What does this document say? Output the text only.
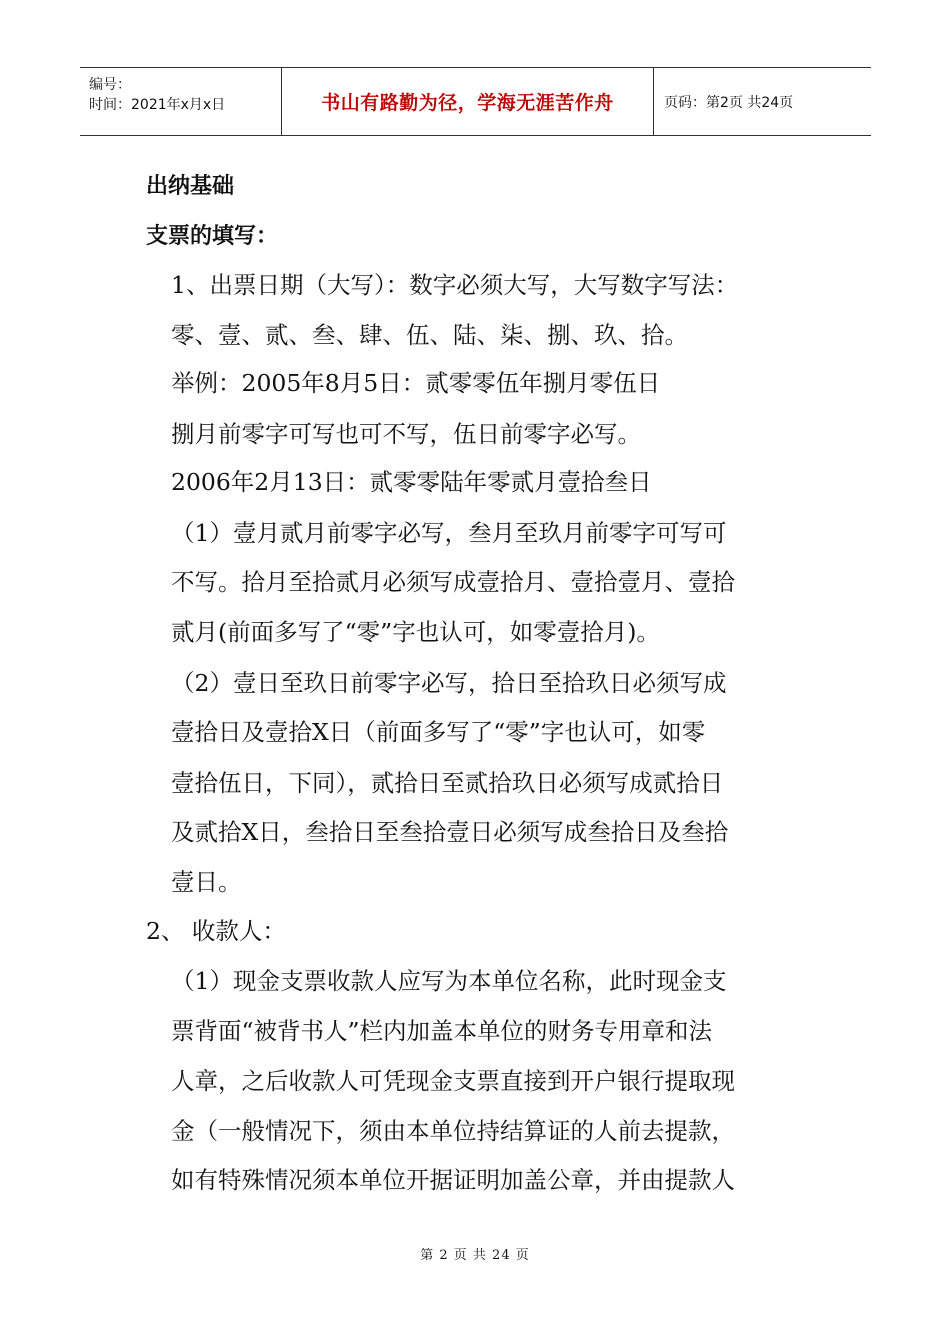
编号：
时间：2021年x月x日	书山有路勤为径，学海无涯苦作舟	页码：第2页 共24页
出纳基础
支票的填写：
1、出票日期（大写）：数字必须大写，大写数字写法：
零、壹、贰、叁、肆、伍、陆、柒、捌、玖、拾。
举例：2005年8月5日：贰零零伍年捌月零伍日
捌月前零字可写也可不写，伍日前零字必写。
2006年2月13日：贰零零陆年零贰月壹拾叁日
（1）壹月贰月前零字必写，叁月至玖月前零字可写可
不写。拾月至拾贰月必须写成壹拾月、壹拾壹月、壹拾
贰月(前面多写了“零”字也认可，如零壹拾月)。
（2）壹日至玖日前零字必写，拾日至拾玖日必须写成
壹拾日及壹拾X日（前面多写了“零”字也认可，如零
壹拾伍日，下同），贰拾日至贰拾玖日必须写成贰拾日
及贰拾X日，叁拾日至叁拾壹日必须写成叁拾日及叁拾
壹日。
2、 收款人：
（1）现金支票收款人应写为本单位名称，此时现金支
票背面“被背书人”栏内加盖本单位的财务专用章和法
人章，之后收款人可凭现金支票直接到开户银行提取现
金（一般情况下，须由本单位持结算证的人前去提款，
如有特殊情况须本单位开据证明加盖公章，并由提款人
第 2 页 共 24 页
